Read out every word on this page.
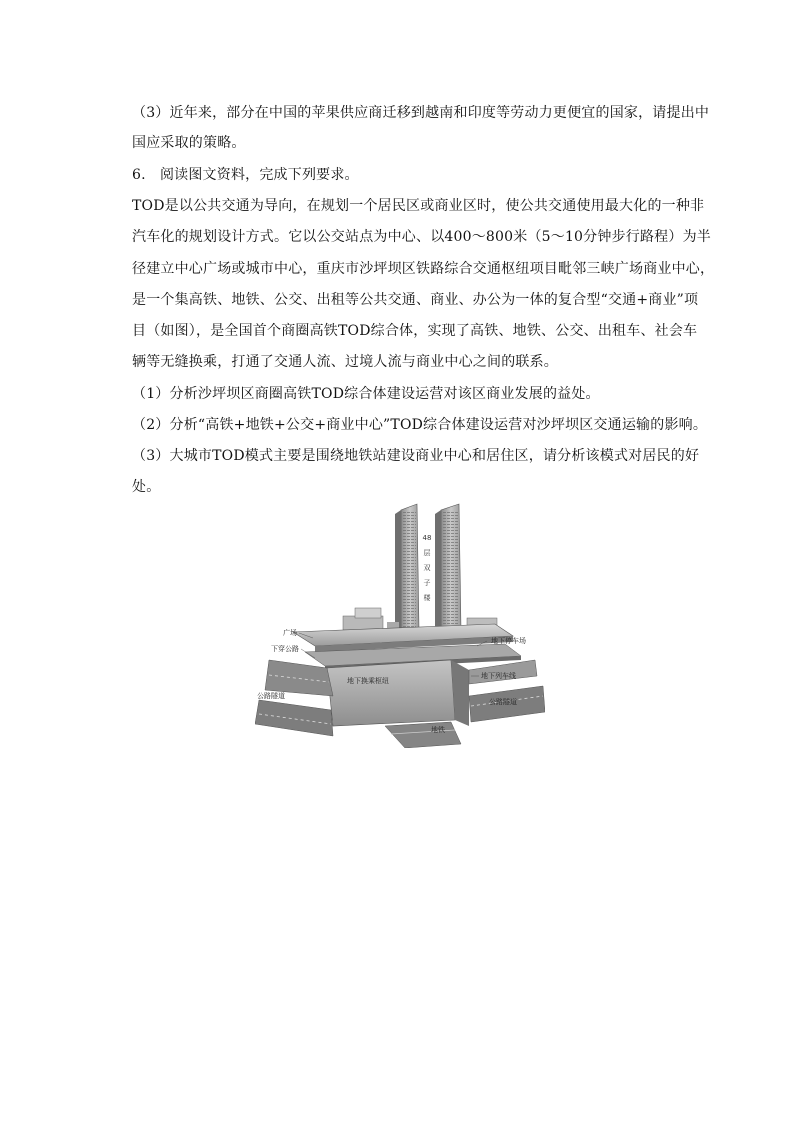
（3）近年来，部分在中国的苹果供应商迁移到越南和印度等劳动力更便宜的国家，请提出中
国应采取的策略。
6.　阅读图文资料，完成下列要求。
TOD是以公共交通为导向，在规划一个居民区或商业区时，使公共交通使用最大化的一种非
汽车化的规划设计方式。它以公交站点为中心、以400～800米（5～10分钟步行路程）为半
径建立中心广场或城市中心，重庆市沙坪坝区铁路综合交通枢纽项目毗邻三峡广场商业中心，
是一个集高铁、地铁、公交、出租等公共交通、商业、办公为一体的复合型“交通+商业”项
目（如图），是全国首个商圈高铁TOD综合体，实现了高铁、地铁、公交、出租车、社会车
辆等无缝换乘，打通了交通人流、过境人流与商业中心之间的联系。
（1）分析沙坪坝区商圈高铁TOD综合体建设运营对该区商业发展的益处。
（2）分析“高铁+地铁+公交+商业中心”TOD综合体建设运营对沙坪坝区交通运输的影响。
（3）大城市TOD模式主要是围绕地铁站建设商业中心和居住区，请分析该模式对居民的好
处。
48
层
双
子
楼
广场
下穿公路
地下换乘枢纽
公路隧道
地下停车场
地下列车线
公路隧道
地铁
